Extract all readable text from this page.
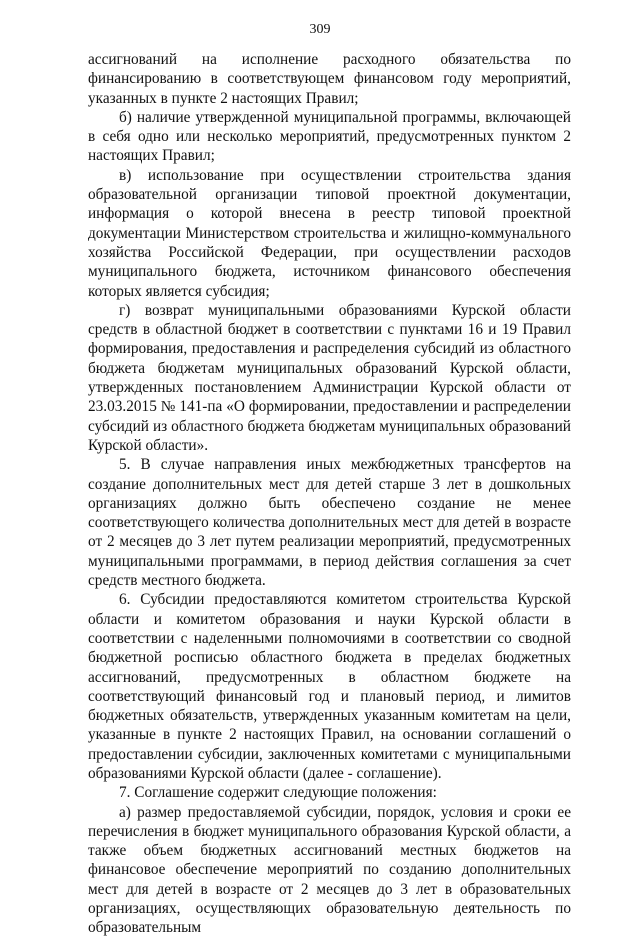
309

ассигнований на исполнение расходного обязательства по финансированию в соответствующем финансовом году мероприятий, указанных в пункте 2 настоящих Правил;

б) наличие утвержденной муниципальной программы, включающей в себя одно или несколько мероприятий, предусмотренных пунктом 2 настоящих Правил;

в) использование при осуществлении строительства здания образовательной организации типовой проектной документации, информация о которой внесена в реестр типовой проектной документации Министерством строительства и жилищно-коммунального хозяйства Российской Федерации, при осуществлении расходов муниципального бюджета, источником финансового обеспечения которых является субсидия;

г) возврат муниципальными образованиями Курской области средств в областной бюджет в соответствии с пунктами 16 и 19 Правил формирования, предоставления и распределения субсидий из областного бюджета бюджетам муниципальных образований Курской области, утвержденных постановлением Администрации Курской области от 23.03.2015 № 141-па «О формировании, предоставлении и распределении субсидий из областного бюджета бюджетам муниципальных образований Курской области».

5. В случае направления иных межбюджетных трансфертов на создание дополнительных мест для детей старше 3 лет в дошкольных организациях должно быть обеспечено создание не менее соответствующего количества дополнительных мест для детей в возрасте от 2 месяцев до 3 лет путем реализации мероприятий, предусмотренных муниципальными программами, в период действия соглашения за счет средств местного бюджета.

6. Субсидии предоставляются комитетом строительства Курской области и комитетом образования и науки Курской области в соответствии с наделенными полномочиями в соответствии со сводной бюджетной росписью областного бюджета в пределах бюджетных ассигнований, предусмотренных в областном бюджете на соответствующий финансовый год и плановый период, и лимитов бюджетных обязательств, утвержденных указанным комитетам на цели, указанные в пункте 2 настоящих Правил, на основании соглашений о предоставлении субсидии, заключенных комитетами с муниципальными образованиями Курской области (далее - соглашение).

7. Соглашение содержит следующие положения:

а) размер предоставляемой субсидии, порядок, условия и сроки ее перечисления в бюджет муниципального образования Курской области, а также объем бюджетных ассигнований местных бюджетов на финансовое обеспечение мероприятий по созданию дополнительных мест для детей в возрасте от 2 месяцев до 3 лет в образовательных организациях, осуществляющих образовательную деятельность по образовательным
